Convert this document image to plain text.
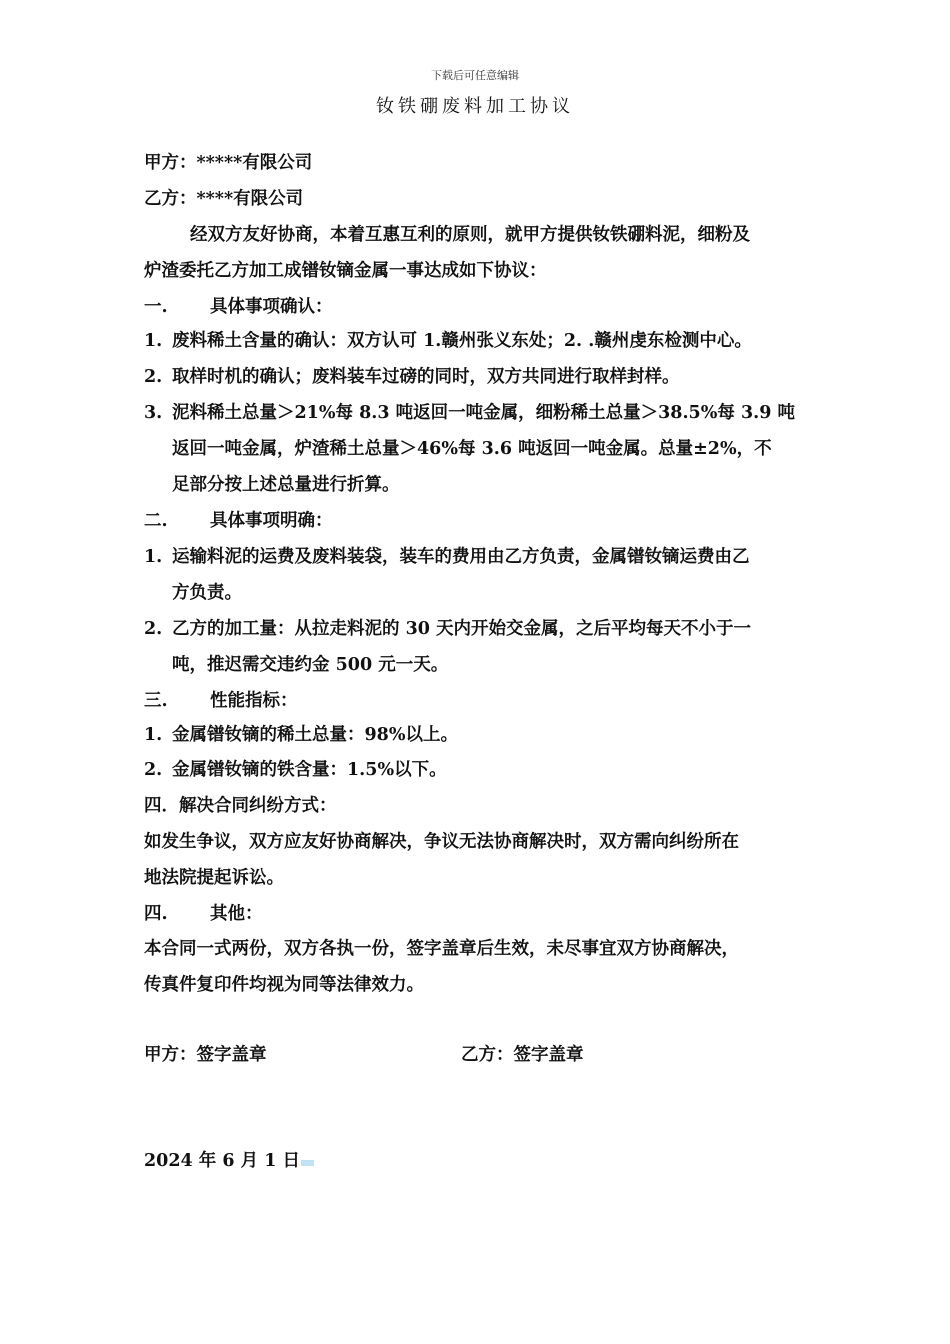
下载后可任意编辑
钕铁硼废料加工协议
甲方：*****有限公司
乙方：****有限公司
经双方友好协商，本着互惠互利的原则，就甲方提供钕铁硼料泥，细粉及
炉渣委托乙方加工成镨钕镝金属一事达成如下协议：
一. 具体事项确认：
1. 废料稀土含量的确认：双方认可 1.赣州张义东处；2. .赣州虔东检测中心。
2. 取样时机的确认；废料装车过磅的同时，双方共同进行取样封样。
3. 泥料稀土总量＞21%每 8.3 吨返回一吨金属，细粉稀土总量＞38.5%每 3.9 吨
返回一吨金属，炉渣稀土总量＞46%每 3.6 吨返回一吨金属。总量±2%，不
足部分按上述总量进行折算。
二. 具体事项明确：
1. 运输料泥的运费及废料装袋，装车的费用由乙方负责，金属镨钕镝运费由乙
方负责。
2. 乙方的加工量：从拉走料泥的 30 天内开始交金属，之后平均每天不小于一
吨，推迟需交违约金 500 元一天。
三. 性能指标：
1. 金属镨钕镝的稀土总量：98%以上。
2. 金属镨钕镝的铁含量：1.5%以下。
四．解决合同纠纷方式：
如发生争议，双方应友好协商解决，争议无法协商解决时，双方需向纠纷所在
地法院提起诉讼。
四. 其他：
本合同一式两份，双方各执一份，签字盖章后生效，未尽事宜双方协商解决，
传真件复印件均视为同等法律效力。
甲方：签字盖章	乙方：签字盖章
2024 年 6 月 1 日
